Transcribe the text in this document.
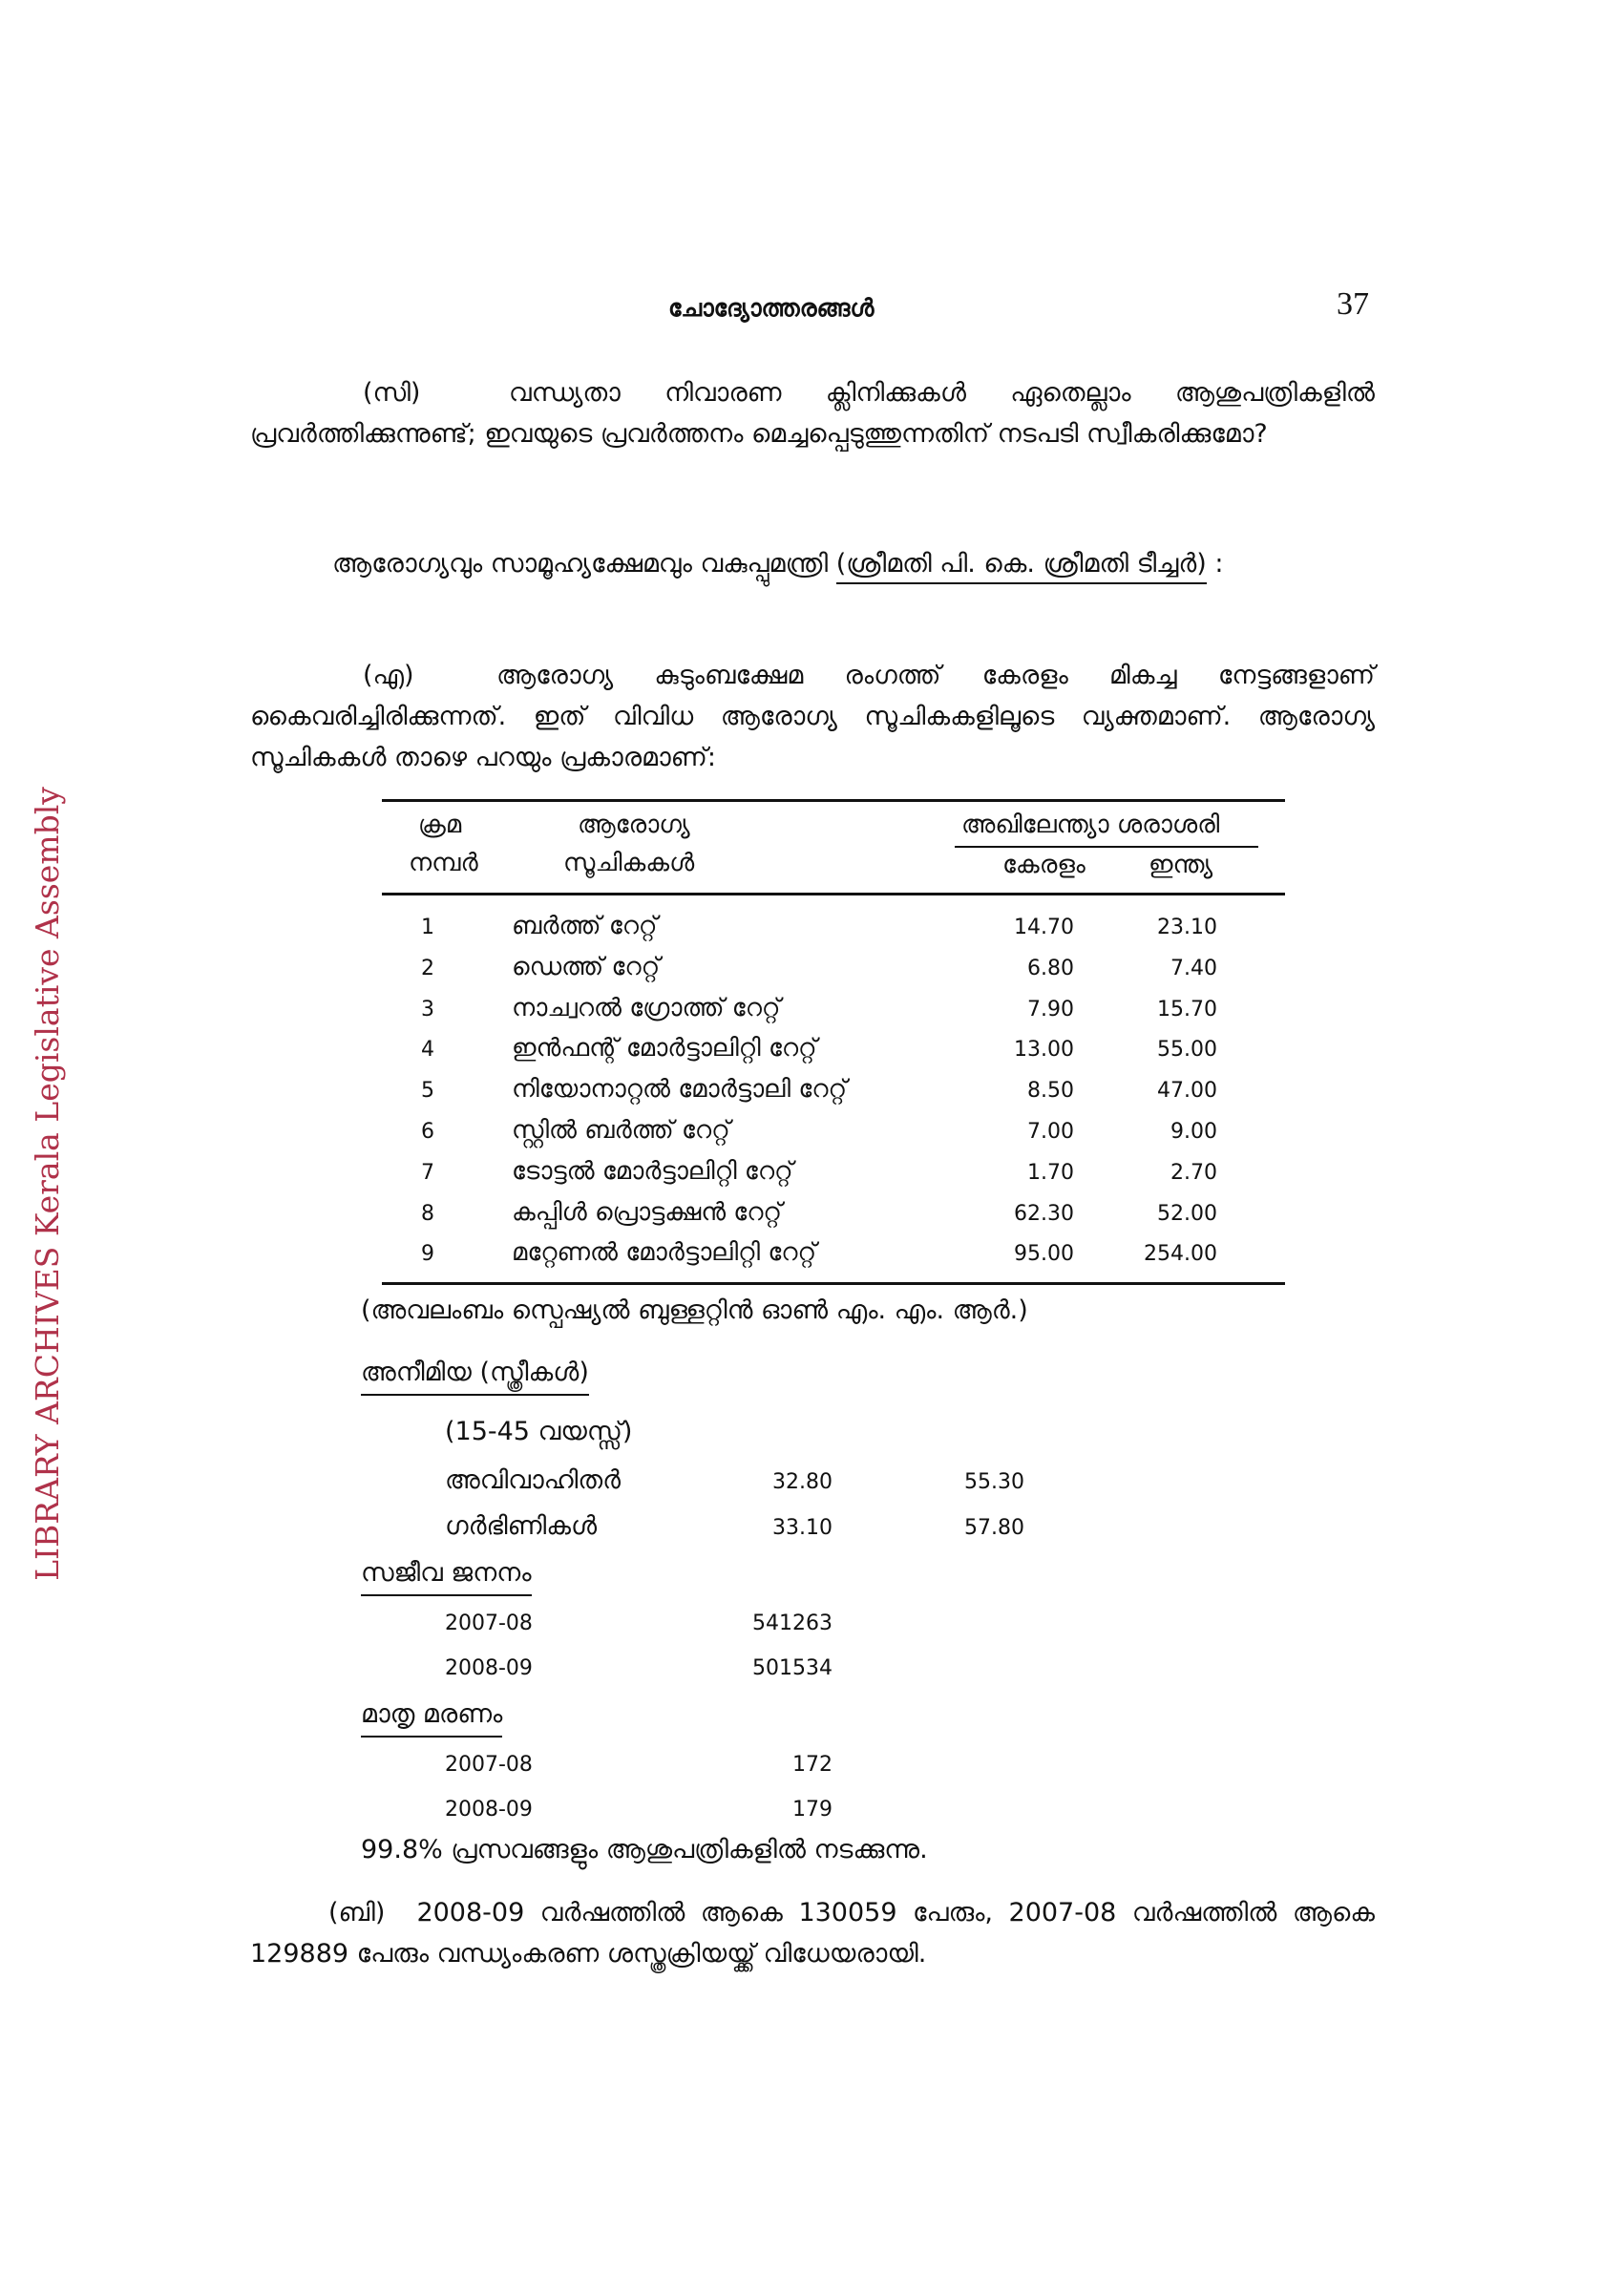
LIBRARY ARCHIVES Kerala Legislative Assembly
ചോദ്യോത്തരങ്ങൾ	37

(സി)	വന്ധ്യതാ നിവാരണ ക്ലിനിക്കുകൾ ഏതെല്ലാം ആശുപത്രികളിൽ പ്രവർത്തിക്കുന്നുണ്ട്; ഇവയുടെ പ്രവർത്തനം മെച്ചപ്പെടുത്തുന്നതിന് നടപടി സ്വീകരിക്കുമോ?

ആരോഗ്യവും സാമൂഹ്യക്ഷേമവും വകുപ്പുമന്ത്രി (ശ്രീമതി പി. കെ. ശ്രീമതി ടീച്ചർ) :

(എ)	ആരോഗ്യ കുടുംബക്ഷേമ രംഗത്ത് കേരളം മികച്ച നേട്ടങ്ങളാണ് കൈവരിച്ചിരിക്കുന്നത്. ഇത് വിവിധ ആരോഗ്യ സൂചികകളിലൂടെ വ്യക്തമാണ്. ആരോഗ്യ സൂചികകൾ താഴെ പറയും പ്രകാരമാണ്:

ക്രമ
നമ്പർ
ആരോഗ്യ
സൂചികകൾ
അഖിലേന്ത്യാ ശരാശരി
കേരളം	ഇന്ത്യ
1	ബർത്ത് റേറ്റ്	14.70	23.10
2	ഡെത്ത് റേറ്റ്	6.80	7.40
3	നാച്വറൽ ഗ്രോത്ത് റേറ്റ്	7.90	15.70
4	ഇൻഫന്റ് മോർട്ടാലിറ്റി റേറ്റ്	13.00	55.00
5	നിയോനാറ്റൽ മോർട്ടാലി റേറ്റ്	8.50	47.00
6	സ്റ്റിൽ ബർത്ത് റേറ്റ്	7.00	9.00
7	ടോട്ടൽ മോർട്ടാലിറ്റി റേറ്റ്	1.70	2.70
8	കപ്പിൾ പ്രൊട്ടക്ഷൻ റേറ്റ്	62.30	52.00
9	മറ്റേണൽ മോർട്ടാലിറ്റി റേറ്റ്	95.00	254.00
(അവലംബം സ്പെഷ്യൽ ബുള്ളറ്റിൻ ഓൺ എം. എം. ആർ.)
അനീമിയ (സ്ത്രീകൾ)
(15-45 വയസ്സ്)
അവിവാഹിതർ	32.80	55.30
ഗർഭിണികൾ	33.10	57.80
സജീവ ജനനം
2007-08	541263
2008-09	501534
മാതൃ മരണം
2007-08	172
2008-09	179
99.8% പ്രസവങ്ങളും ആശുപത്രികളിൽ നടക്കുന്നു.

(ബി) 2008-09 വർഷത്തിൽ ആകെ 130059 പേരും, 2007-08 വർഷത്തിൽ ആകെ 129889 പേരും വന്ധ്യംകരണ ശസ്ത്രക്രിയയ്ക്ക് വിധേയരായി.
